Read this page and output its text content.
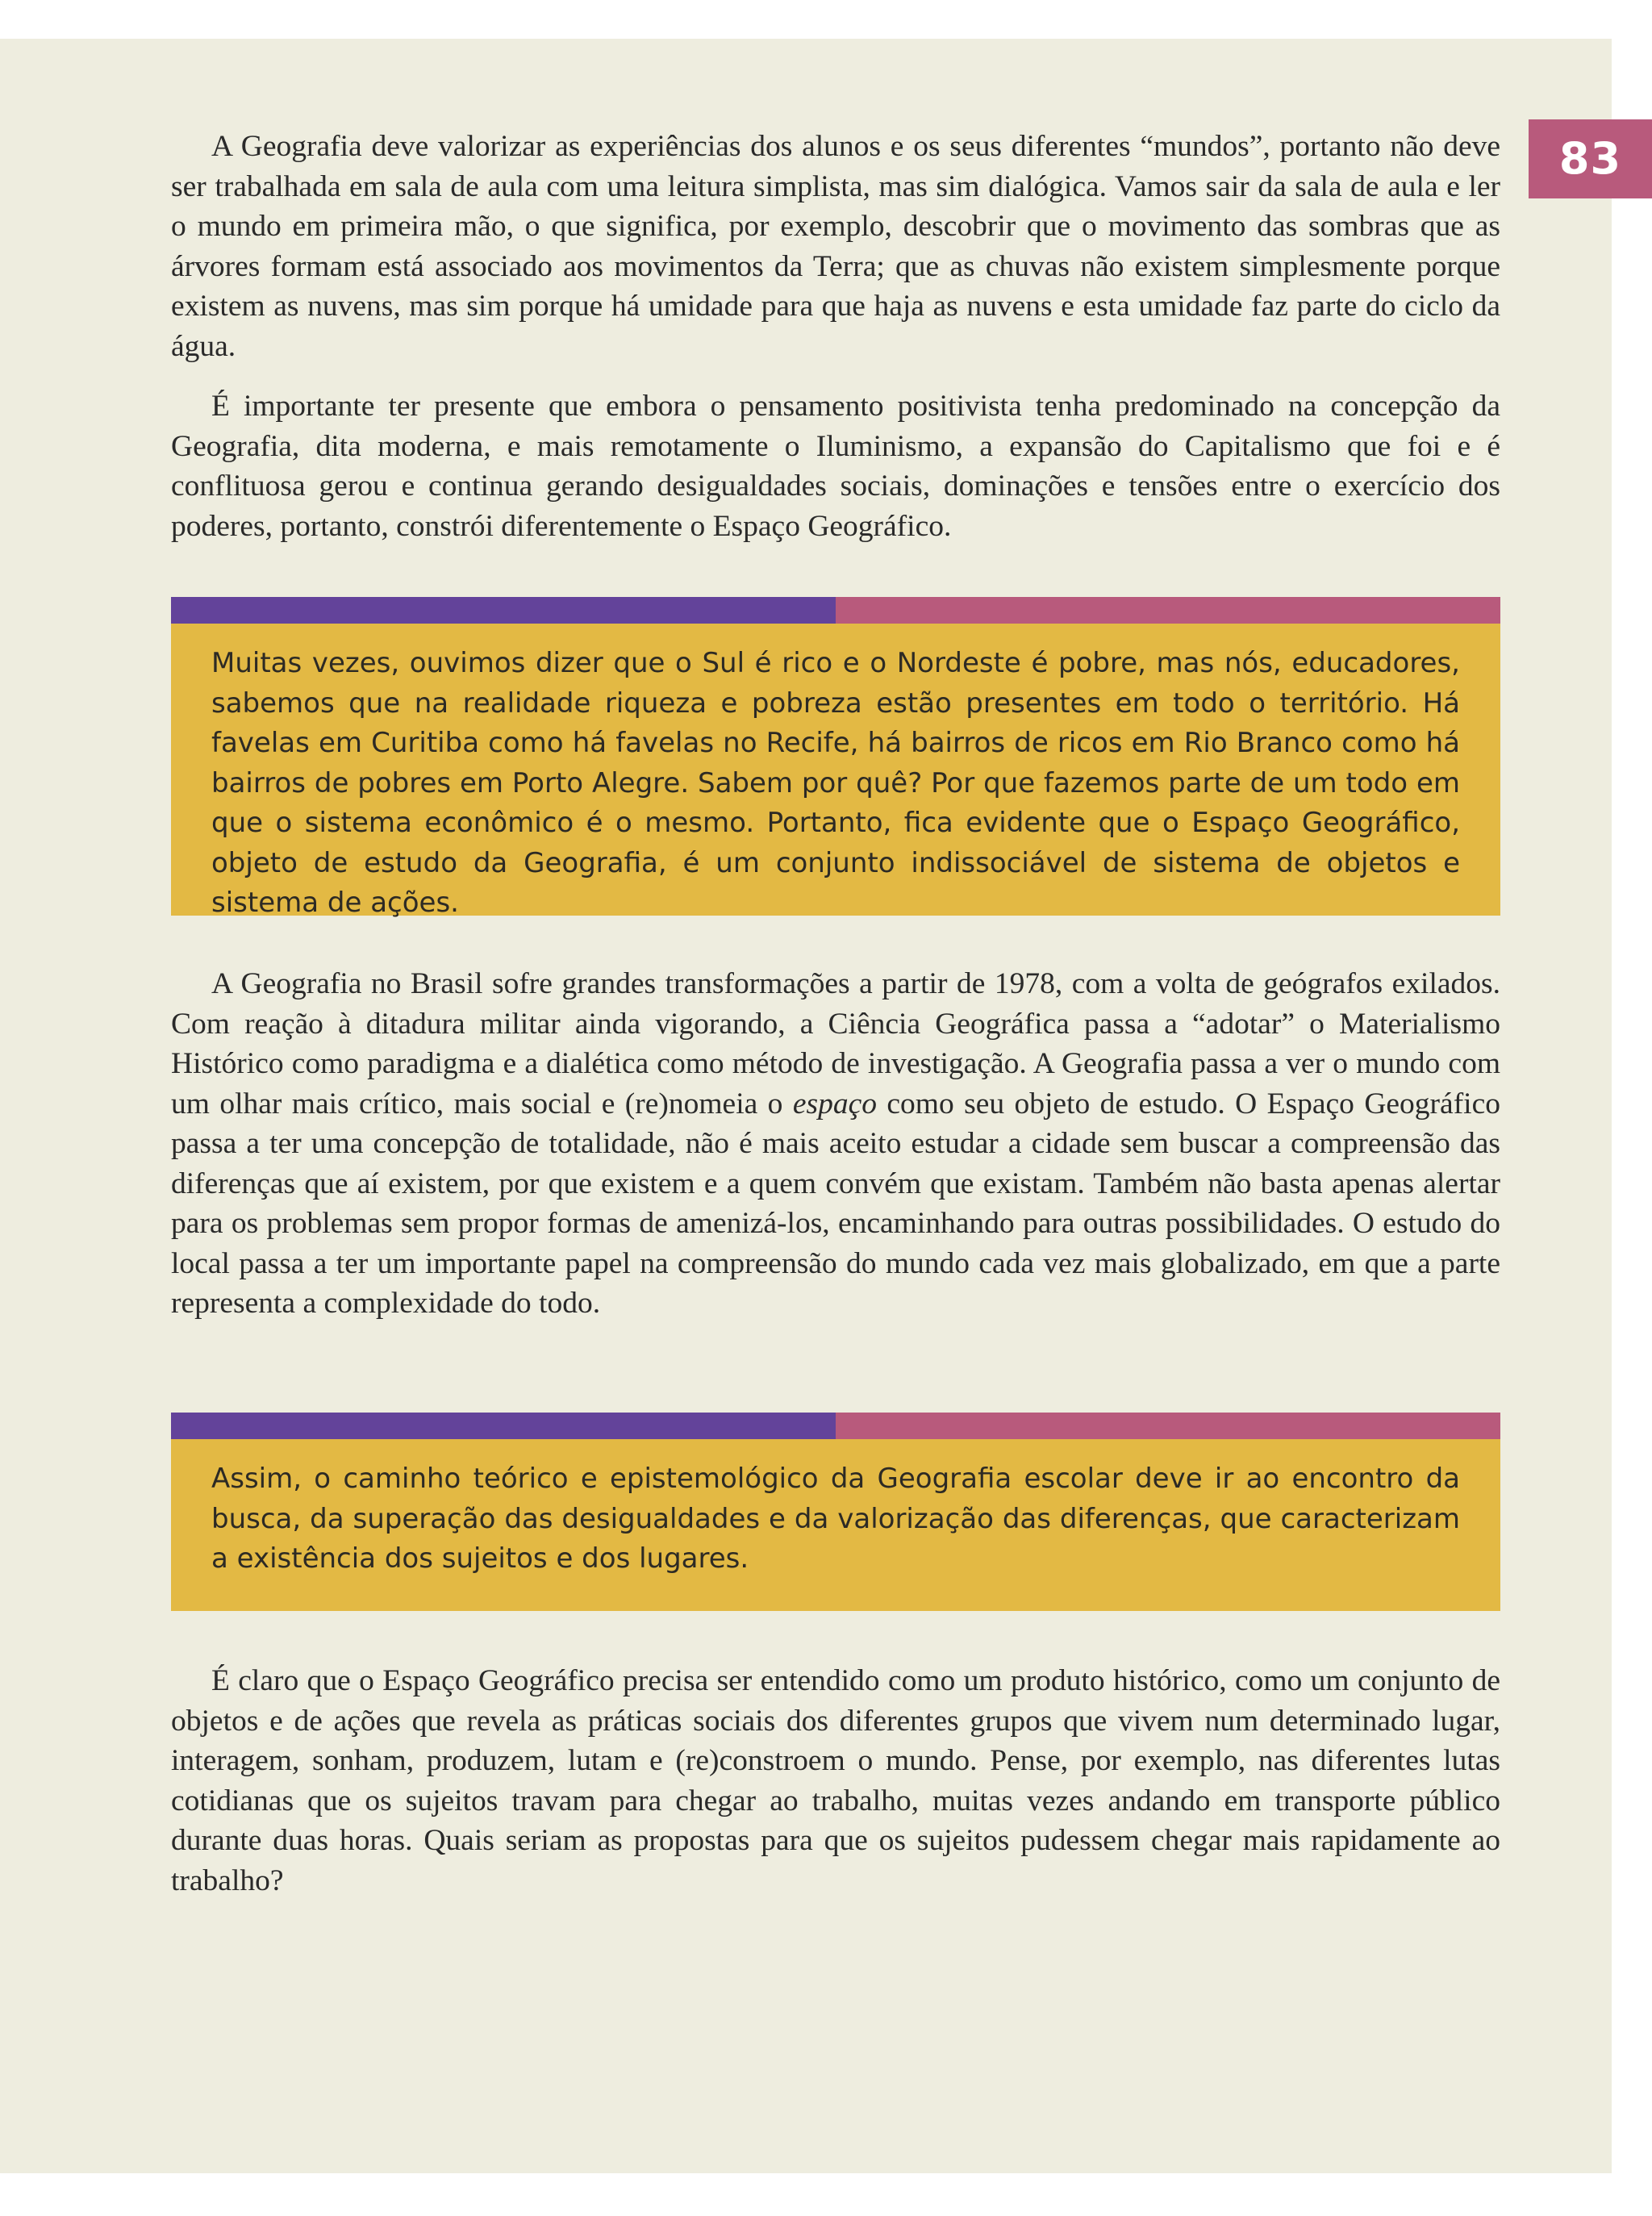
83

A Geografia deve valorizar as experiências dos alunos e os seus diferentes “mundos”, portanto não deve ser trabalhada em sala de aula com uma leitura simplista, mas sim dialógica. Vamos sair da sala de aula e ler o mundo em primeira mão, o que significa, por exemplo, descobrir que o movimento das sombras que as árvores formam está associado aos movimentos da Terra; que as chuvas não existem simplesmente porque existem as nuvens, mas sim porque há umidade para que haja as nuvens e esta umidade faz parte do ciclo da água.

É importante ter presente que embora o pensamento positivista tenha predominado na concepção da Geografia, dita moderna, e mais remotamente o Iluminismo, a expansão do Capitalismo que foi e é conflituosa gerou e continua gerando desigualdades sociais, dominações e tensões entre o exercício dos poderes, portanto, constrói diferentemente o Espaço Geográfico.

Muitas vezes, ouvimos dizer que o Sul é rico e o Nordeste é pobre, mas nós, educadores, sabemos que na realidade riqueza e pobreza estão presentes em todo o território. Há favelas em Curitiba como há favelas no Recife, há bairros de ricos em Rio Branco como há bairros de pobres em Porto Alegre. Sabem por quê? Por que fazemos parte de um todo em que o sistema econômico é o mesmo. Portanto, fica evidente que o Espaço Geográfico, objeto de estudo da Geografia, é um conjunto indissociável de sistema de objetos e sistema de ações.

A Geografia no Brasil sofre grandes transformações a partir de 1978, com a volta de geógrafos exilados. Com reação à ditadura militar ainda vigorando, a Ciência Geográfica passa a “adotar” o Materialismo Histórico como paradigma e a dialética como método de investigação. A Geografia passa a ver o mundo com um olhar mais crítico, mais social e (re)nomeia o espaço como seu objeto de estudo. O Espaço Geográfico passa a ter uma concepção de totalidade, não é mais aceito estudar a cidade sem buscar a compreensão das diferenças que aí existem, por que existem e a quem convém que existam. Também não basta apenas alertar para os problemas sem propor formas de amenizá-los, encaminhando para outras possibilidades. O estudo do local passa a ter um importante papel na compreensão do mundo cada vez mais globalizado, em que a parte representa a complexidade do todo.

Assim, o caminho teórico e epistemológico da Geografia escolar deve ir ao encontro da busca, da superação das desigualdades e da valorização das diferenças, que caracterizam a existência dos sujeitos e dos lugares.

É claro que o Espaço Geográfico precisa ser entendido como um produto histórico, como um conjunto de objetos e de ações que revela as práticas sociais dos diferentes grupos que vivem num determinado lugar, interagem, sonham, produzem, lutam e (re)constroem o mundo. Pense, por exemplo, nas diferentes lutas cotidianas que os sujeitos travam para chegar ao trabalho, muitas vezes andando em transporte público durante duas horas. Quais seriam as propostas para que os sujeitos pudessem chegar mais rapidamente ao trabalho?
